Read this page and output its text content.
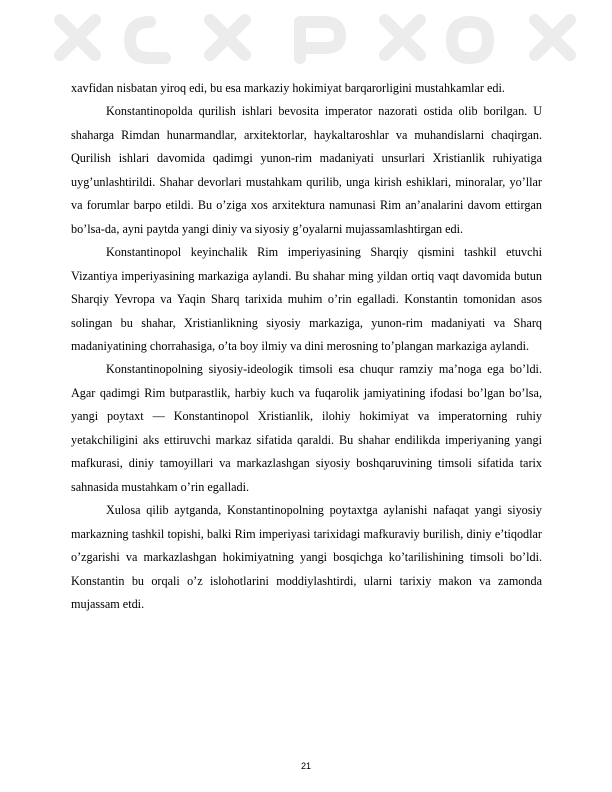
xavfidan nisbatan yiroq edi, bu esa markaziy hokimiyat barqarorligini mustahkamlar edi.

Konstantinopolda qurilish ishlari bevosita imperator nazorati ostida olib borilgan. U shaharga Rimdan hunarmandlar, arxitektorlar, haykaltaroshlar va muhandislarni chaqirgan. Qurilish ishlari davomida qadimgi yunon-rim madaniyati unsurlari Xristianlik ruhiyatiga uyg’unlashtirildi. Shahar devorlari mustahkam qurilib, unga kirish eshiklari, minoralar, yo’llar va forumlar barpo etildi. Bu o’ziga xos arxitektura namunasi Rim an’analarini davom ettirgan bo’lsa-da, ayni paytda yangi diniy va siyosiy g’oyalarni mujassamlashtirgan edi.

Konstantinopol keyinchalik Rim imperiyasining Sharqiy qismini tashkil etuvchi Vizantiya imperiyasining markaziga aylandi. Bu shahar ming yildan ortiq vaqt davomida butun Sharqiy Yevropa va Yaqin Sharq tarixida muhim o’rin egalladi. Konstantin tomonidan asos solingan bu shahar, Xristianlikning siyosiy markaziga, yunon-rim madaniyati va Sharq madaniyatining chorrahasiga, o’ta boy ilmiy va dini merosning to’plangan markaziga aylandi.

Konstantinopolning siyosiy-ideologik timsoli esa chuqur ramziy ma’noga ega bo’ldi. Agar qadimgi Rim butparastlik, harbiy kuch va fuqarolik jamiyatining ifodasi bo’lgan bo’lsa, yangi poytaxt — Konstantinopol Xristianlik, ilohiy hokimiyat va imperatorning ruhiy yetakchiligini aks ettiruvchi markaz sifatida qaraldi. Bu shahar endilikda imperiyaning yangi mafkurasi, diniy tamoyillari va markazlashgan siyosiy boshqaruvining timsoli sifatida tarix sahnasida mustahkam o’rin egalladi.

Xulosa qilib aytganda, Konstantinopolning poytaxtga aylanishi nafaqat yangi siyosiy markazning tashkil topishi, balki Rim imperiyasi tarixidagi mafkuraviy burilish, diniy e’tiqodlar o’zgarishi va markazlashgan hokimiyatning yangi bosqichga ko’tarilishining timsoli bo’ldi. Konstantin bu orqali o’z islohotlarini moddiylashtirdi, ularni tarixiy makon va zamonda mujassam etdi.

21
